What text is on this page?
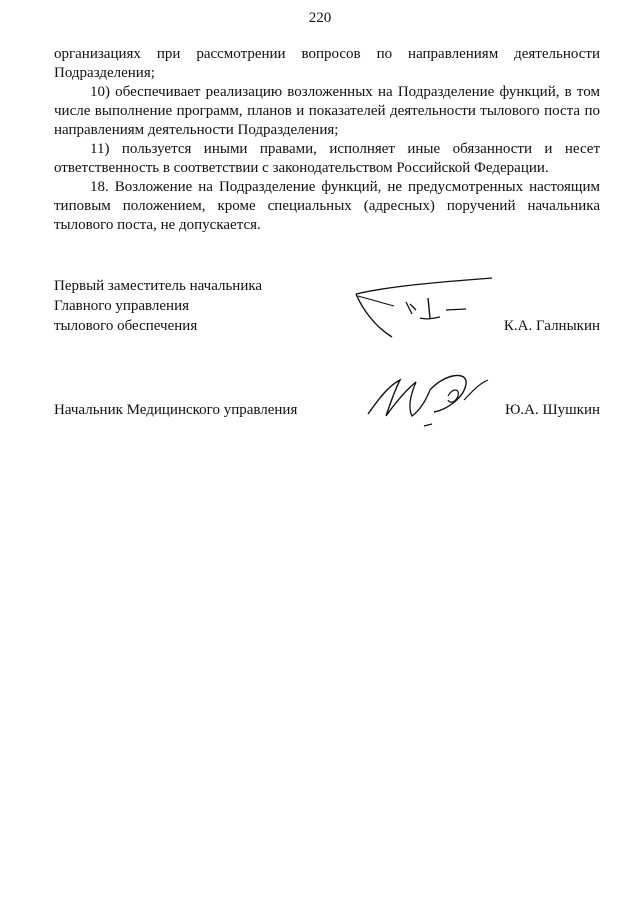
220

организациях при рассмотрении вопросов по направлениям деятельности Подразделения;

10) обеспечивает реализацию возложенных на Подразделение функций, в том числе выполнение программ, планов и показателей деятельности тылового поста по направлениям деятельности Подразделения;

11) пользуется иными правами, исполняет иные обязанности и несет ответственность в соответствии с законодательством Российской Федерации.

18. Возложение на Подразделение функций, не предусмотренных настоящим типовым положением, кроме специальных (адресных) поручений начальника тылового поста, не допускается.

Первый заместитель начальника
Главного управления
тылового обеспечения	К.А. Галныкин
Начальник Медицинского управления	Ю.А. Шушкин
